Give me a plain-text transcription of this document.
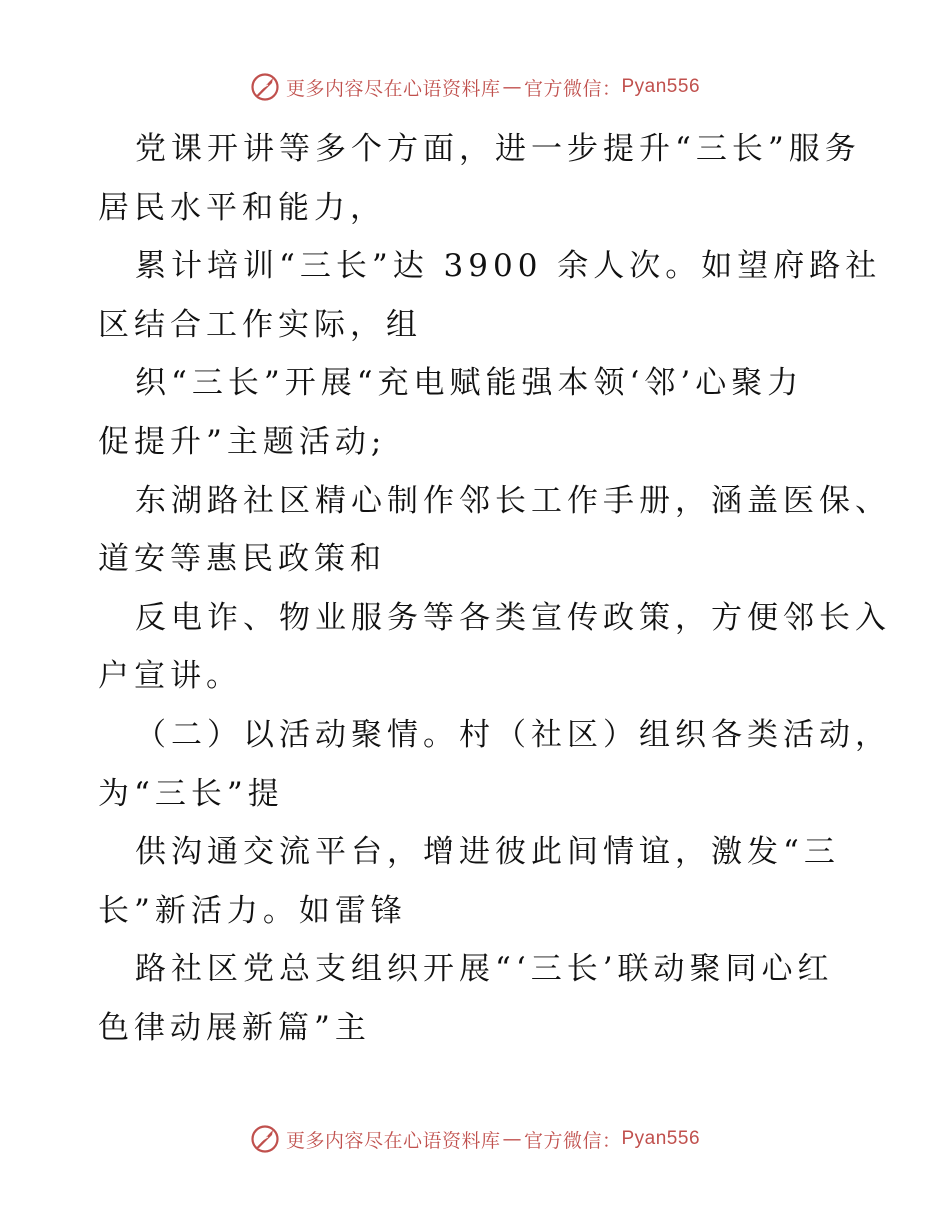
更多内容尽在心语资料库 — 官方微信： Pyan556
党课开讲等多个方面，进一步提升“三长”服务
居民水平和能力，
累计培训“三长”达 3900 余人次。如望府路社
区结合工作实际，组
织“三长”开展“充电赋能强本领‘邻’心聚力
促提升”主题活动;
东湖路社区精心制作邻长工作手册，涵盖医保、
道安等惠民政策和
反电诈、物业服务等各类宣传政策，方便邻长入
户宣讲。
（二）以活动聚情。村（社区）组织各类活动，
为“三长”提
供沟通交流平台，增进彼此间情谊，激发“三
长”新活力。如雷锋
路社区党总支组织开展“‘三长’联动聚同心红
色律动展新篇”主
更多内容尽在心语资料库 — 官方微信： Pyan556
